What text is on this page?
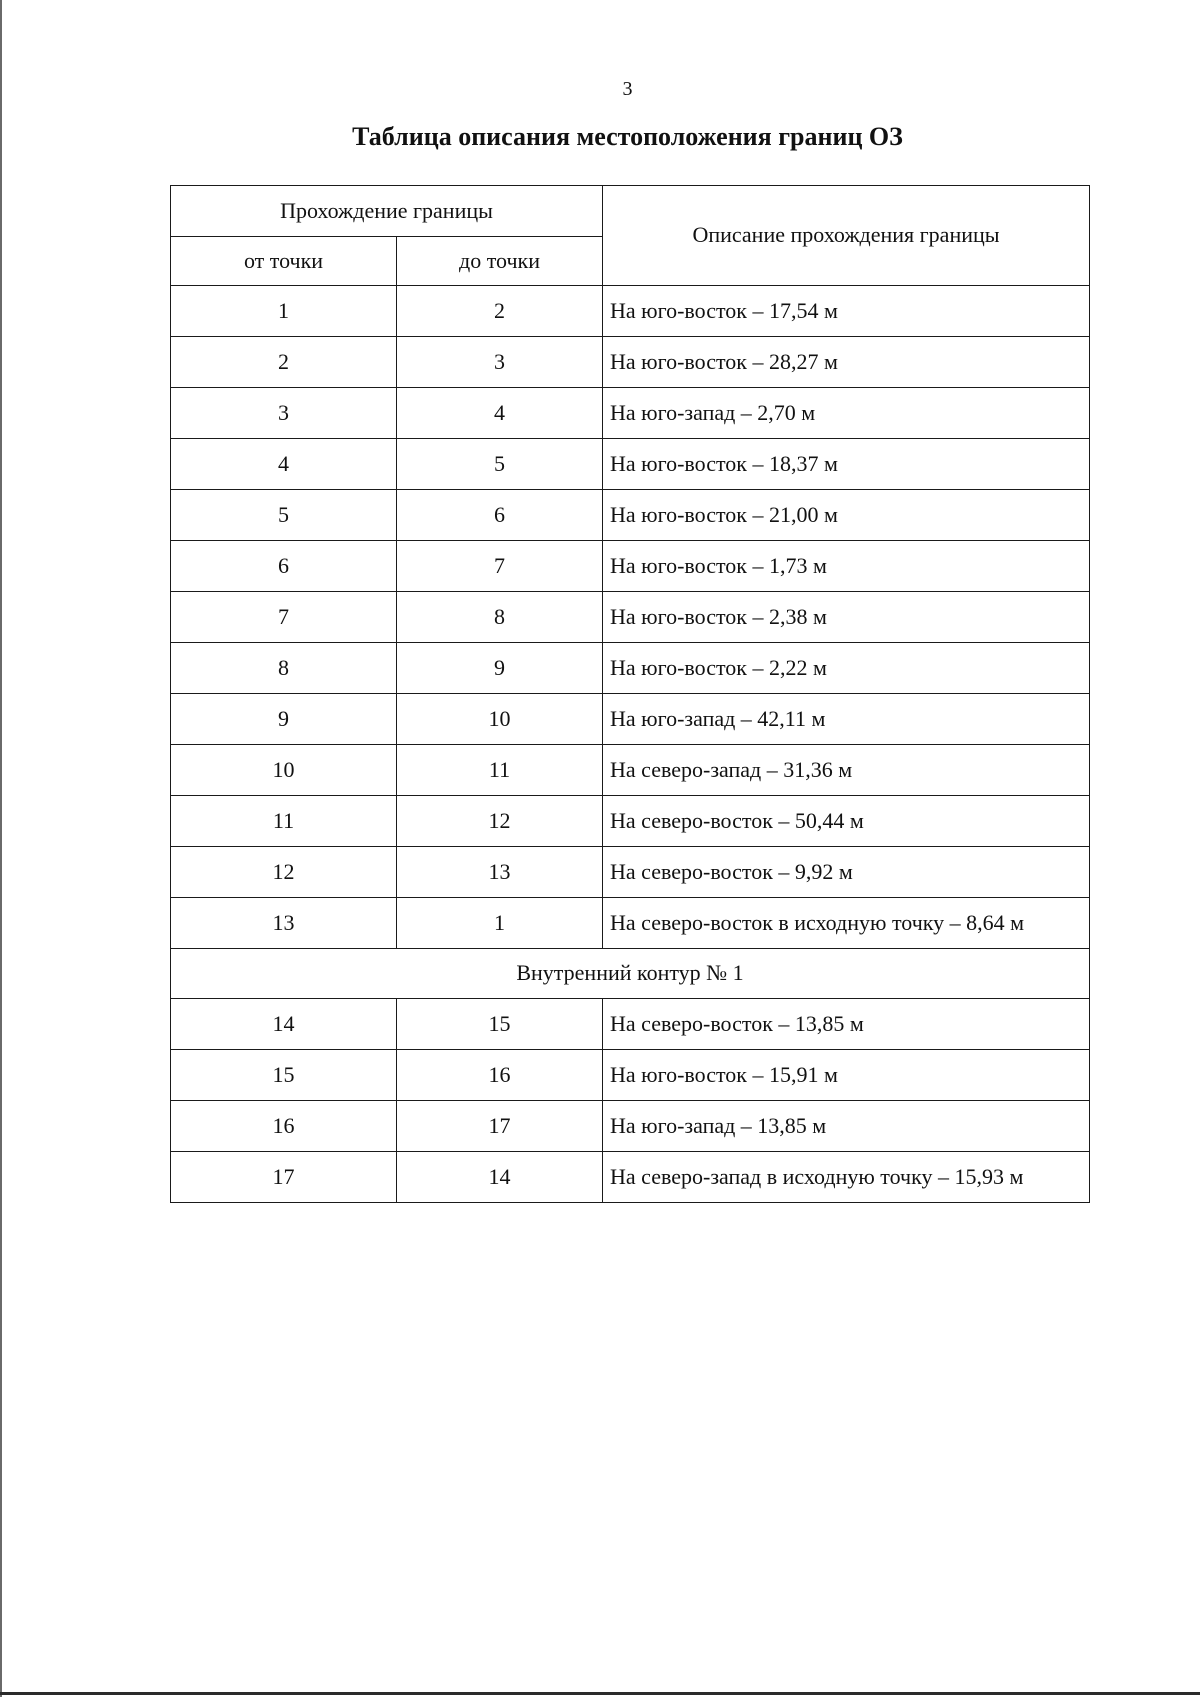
3
Таблица описания местоположения границ ОЗ
Прохождение границы		Описание прохождения границы
от точки	до точки	
1	2	На юго-восток – 17,54 м
2	3	На юго-восток – 28,27 м
3	4	На юго-запад – 2,70 м
4	5	На юго-восток – 18,37 м
5	6	На юго-восток – 21,00 м
6	7	На юго-восток – 1,73 м
7	8	На юго-восток – 2,38 м
8	9	На юго-восток – 2,22 м
9	10	На юго-запад – 42,11 м
10	11	На северо-запад – 31,36 м
11	12	На северо-восток – 50,44 м
12	13	На северо-восток – 9,92 м
13	1	На северо-восток в исходную точку – 8,64 м
Внутренний контур № 1		
14	15	На северо-восток – 13,85 м
15	16	На юго-восток – 15,91 м
16	17	На юго-запад – 13,85 м
17	14	На северо-запад в исходную точку – 15,93 м
